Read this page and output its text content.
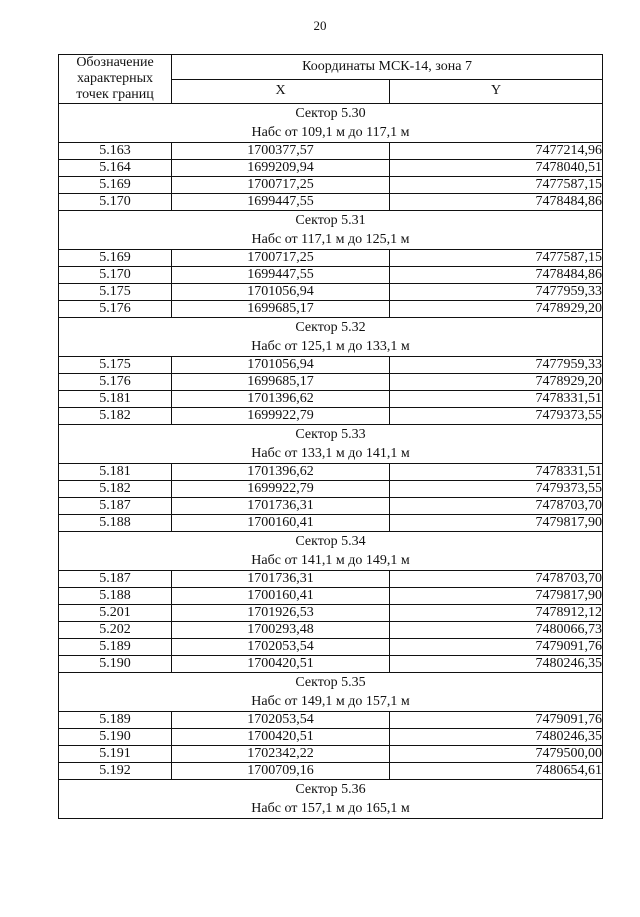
20
Обозначение характерных точек границ	Координаты МСК-14, зона 7	
	X	Y

Сектор 5.30
Набс от 109,1 м до 117,1 м		

5.163	1700377,57	7477214,96
5.164	1699209,94	7478040,51
5.169	1700717,25	7477587,15
5.170	1699447,55	7478484,86

Сектор 5.31
Набс от 117,1 м до 125,1 м		

5.169	1700717,25	7477587,15
5.170	1699447,55	7478484,86
5.175	1701056,94	7477959,33
5.176	1699685,17	7478929,20

Сектор 5.32
Набс от 125,1 м до 133,1 м		

5.175	1701056,94	7477959,33
5.176	1699685,17	7478929,20
5.181	1701396,62	7478331,51
5.182	1699922,79	7479373,55

Сектор 5.33
Набс от 133,1 м до 141,1 м		

5.181	1701396,62	7478331,51
5.182	1699922,79	7479373,55
5.187	1701736,31	7478703,70
5.188	1700160,41	7479817,90

Сектор 5.34
Набс от 141,1 м до 149,1 м		

5.187	1701736,31	7478703,70
5.188	1700160,41	7479817,90
5.201	1701926,53	7478912,12
5.202	1700293,48	7480066,73
5.189	1702053,54	7479091,76
5.190	1700420,51	7480246,35

Сектор 5.35
Набс от 149,1 м до 157,1 м		

5.189	1702053,54	7479091,76
5.190	1700420,51	7480246,35
5.191	1702342,22	7479500,00
5.192	1700709,16	7480654,61

Сектор 5.36
Набс от 157,1 м до 165,1 м		
